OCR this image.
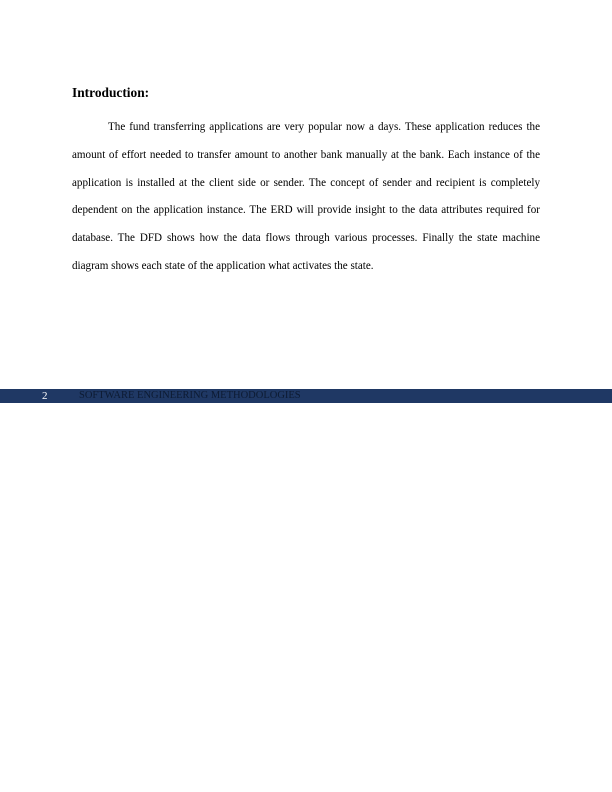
Introduction:

The fund transferring applications are very popular now a days. These application reduces the amount of effort needed to transfer amount to another bank manually at the bank. Each instance of the application is installed at the client side or sender. The concept of sender and recipient is completely dependent on the application instance. The ERD will provide insight to the data attributes required for database. The DFD shows how the data flows through various processes. Finally the state machine diagram shows each state of the application what activates the state.

2	SOFTWARE ENGINEERING METHODOLOGIES
